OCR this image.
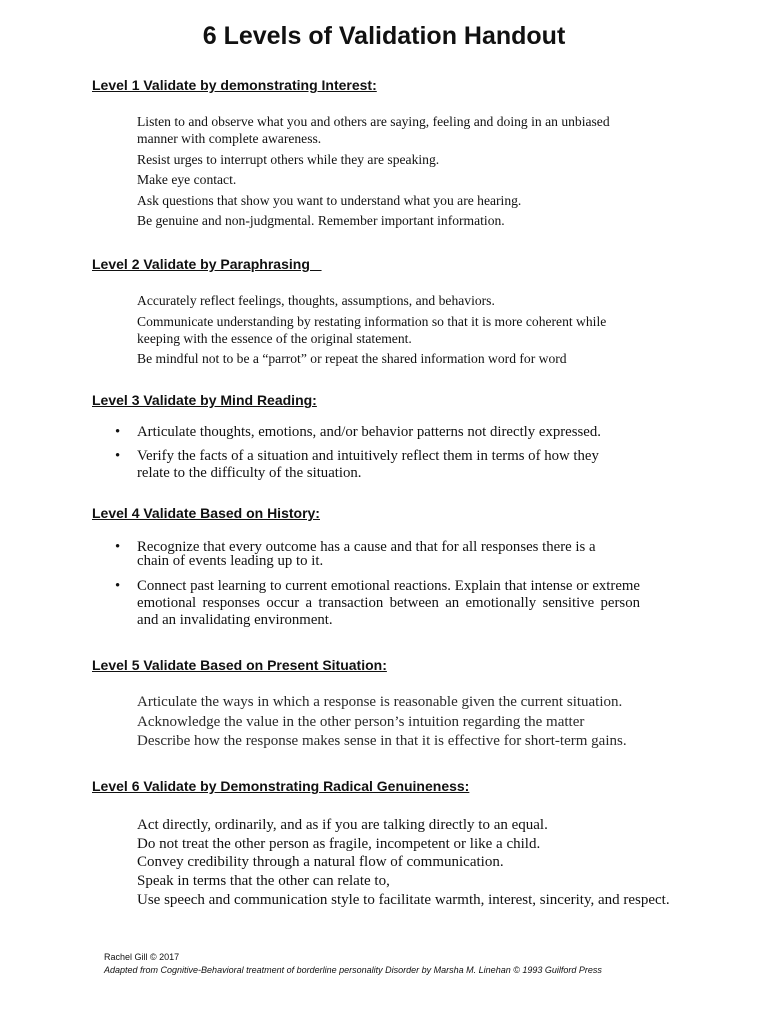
6 Levels of Validation Handout
Level 1 Validate by demonstrating Interest:

Listen to and observe what you and others are saying, feeling and doing in an unbiased manner with complete awareness.

Resist urges to interrupt others while they are speaking.

Make eye contact.

Ask questions that show you want to understand what you are hearing.

Be genuine and non-judgmental. Remember important information.

Level 2 Validate by Paraphrasing

Accurately reflect feelings, thoughts, assumptions, and behaviors.

Communicate understanding by restating information so that it is more coherent while keeping with the essence of the original statement.

Be mindful not to be a “parrot” or repeat the shared information word for word

Level 3 Validate by Mind Reading:
• Articulate thoughts, emotions, and/or behavior patterns not directly expressed.
• Verify the facts of a situation and intuitively reflect them in terms of how they relate to the difficulty of the situation.
Level 4 Validate Based on History:
• Recognize that every outcome has a cause and that for all responses there is a chain of events leading up to it.
• Connect past learning to current emotional reactions. Explain that intense or extreme emotional responses occur a transaction between an emotionally sensitive person and an invalidating environment.
Level 5 Validate Based on Present Situation:

Articulate the ways in which a response is reasonable given the current situation.

Acknowledge the value in the other person’s intuition regarding the matter

Describe how the response makes sense in that it is effective for short-term gains.

Level 6 Validate by Demonstrating Radical Genuineness:

Act directly, ordinarily, and as if you are talking directly to an equal.

Do not treat the other person as fragile, incompetent or like a child.

Convey credibility through a natural flow of communication.

Speak in terms that the other can relate to,

Use speech and communication style to facilitate warmth, interest, sincerity, and respect.

Rachel Gill © 2017

Adapted from Cognitive-Behavioral treatment of borderline personality Disorder by Marsha M. Linehan © 1993 Guilford Press
